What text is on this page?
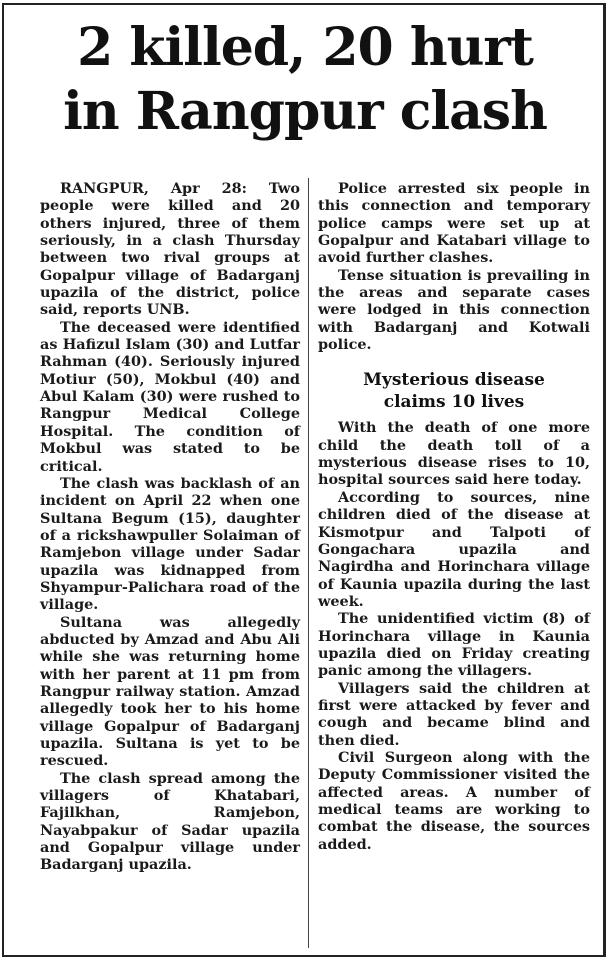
2 killed, 20 hurt
in Rangpur clash

RANGPUR, Apr 28: Two people were killed and 20 others injured, three of them seriously, in a clash Thursday between two rival groups at Gopalpur village of Badarganj upazila of the district, police said, reports UNB.

The deceased were identified as Hafizul Islam (30) and Lutfar Rahman (40). Seriously injured Motiur (50), Mokbul (40) and Abul Kalam (30) were rushed to Rangpur Medical College Hospital. The condition of Mokbul was stated to be critical.

The clash was backlash of an incident on April 22 when one Sultana Begum (15), daughter of a rickshawpuller Solaiman of Ramjebon village under Sadar upazila was kidnapped from Shyampur-Palichara road of the village.

Sultana was allegedly abducted by Amzad and Abu Ali while she was returning home with her parent at 11 pm from Rangpur railway station. Amzad allegedly took her to his home village Gopalpur of Badarganj upazila. Sultana is yet to be rescued.

The clash spread among the villagers of Khatabari, Fajilkhan, Ramjebon, Nayabpakur of Sadar upazila and Gopalpur village under Badarganj upazila.

Police arrested six people in this connection and temporary police camps were set up at Gopalpur and Katabari village to avoid further clashes.

Tense situation is prevailing in the areas and separate cases were lodged in this connection with Badarganj and Kotwali police.

Mysterious disease
claims 10 lives

With the death of one more child the death toll of a mysterious disease rises to 10, hospital sources said here today.

According to sources, nine children died of the disease at Kismotpur and Talpoti of Gongachara upazila and Nagirdha and Horinchara village of Kaunia upazila during the last week.

The unidentified victim (8) of Horinchara village in Kaunia upazila died on Friday creating panic among the villagers.

Villagers said the children at first were attacked by fever and cough and became blind and then died.

Civil Surgeon along with the Deputy Commissioner visited the affected areas. A number of medical teams are working to combat the disease, the sources added.
